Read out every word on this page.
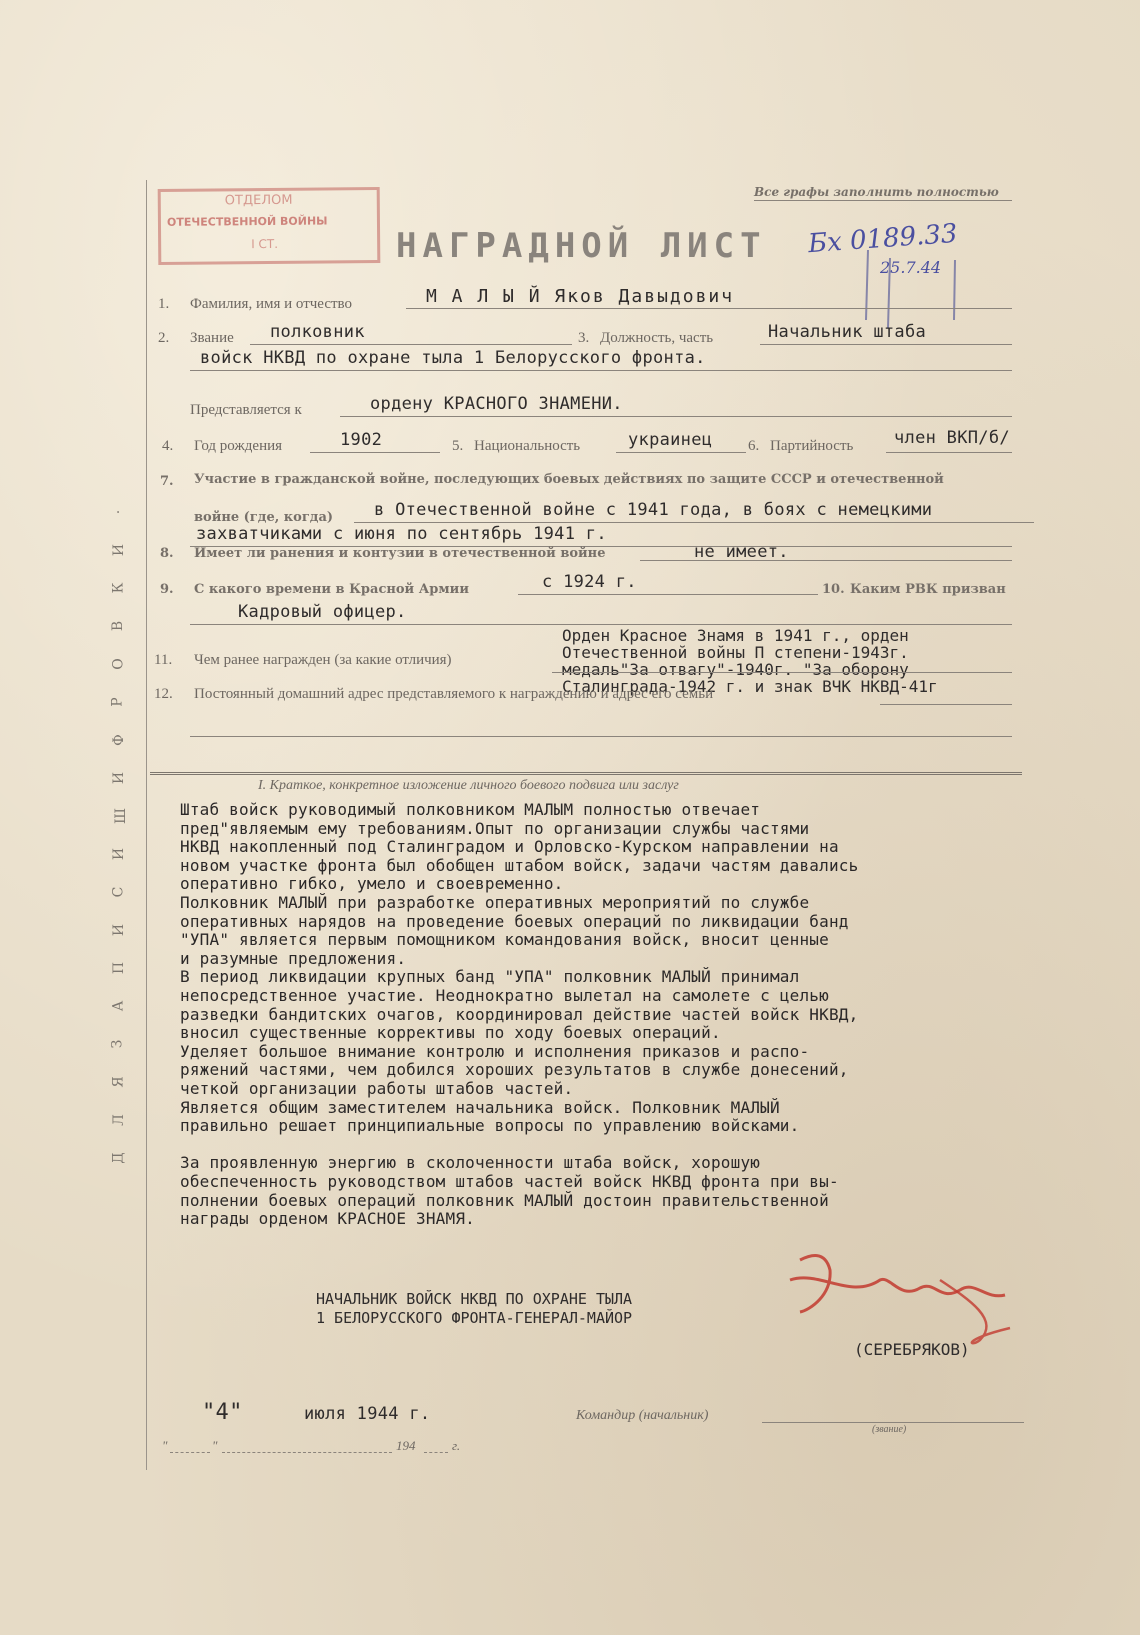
Д
Л
Я
З
А
П
И
С
И
Ш
И
Ф
Р
О
В
К
И
.
Все графы заполнить полностью
ОТДЕЛОМ
ОТЕЧЕСТВЕННОЙ ВОЙНЫ
І СТ.	НАГРАДНОЙ ЛИСТ Бх 0189.33
25.7.44
1. Фамилия, имя и отчество	М А Л Ы Й Яков Давыдович
2. Звание полковник	3. Должность, часть	Начальник штаба
войск НКВД по охране тыла 1 Белорусского фронта.
Представляется к	ордену КРАСНОГО ЗНАМЕНИ.
4. Год рождения	1902	5. Национальность	украинец 6. Партийность член ВКП/б/
7. Участие в гражданской войне, последующих боевых действиях по защите СССР и отечественной
войне (где, когда) в Отечественной войне с 1941 года, в боях с немецкими
захватчиками с июня по сентябрь 1941 г.
8. Имеет ли ранения и контузии в отечественной войне	не имеет.
9. С какого времени в Красной Армии	с 1924 г.	10. Каким РВК призван
Кадровый офицер.
11. Чем ранее награжден (за какие отличия)
Орден Красное Знамя в 1941 г., орден
Отечественной войны П степени-1943г.
медаль"За отвагу"-1940г. "За оборону
Сталинграда-1942 г. и знак ВЧК НКВД-41г
12. Постоянный домашний адрес представляемого к награждению и адрес его семьи
I. Краткое, конкретное изложение личного боевого подвига или заслуг
Штаб войск руководимый полковником МАЛЫМ полностью отвечает
пред"являемым ему требованиям.Опыт по организации службы частями
НКВД накопленный под Сталинградом и Орловско-Курском направлении на
новом участке фронта был обобщен штабом войск, задачи частям давались
оперативно гибко, умело и своевременно.
Полковник МАЛЫЙ при разработке оперативных мероприятий по службе
оперативных нарядов на проведение боевых операций по ликвидации банд
"УПА" является первым помощником командования войск, вносит ценные
и разумные предложения.
В период ликвидации крупных банд "УПА" полковник МАЛЫЙ принимал
непосредственное участие. Неоднократно вылетал на самолете с целью
разведки бандитских очагов, координировал действие частей войск НКВД,
вносил существенные коррективы по ходу боевых операций.
Уделяет большое внимание контролю и исполнения приказов и распо-
ряжений частями, чем добился хороших результатов в службе донесений,
четкой организации работы штабов частей.
Является общим заместителем начальника войск. Полковник МАЛЫЙ
правильно решает принципиальные вопросы по управлению войсками.
За проявленную энергию в сколоченности штаба войск, хорошую
обеспеченность руководством штабов частей войск НКВД фронта при вы-
полнении боевых операций полковник МАЛЫЙ достоин правительственной
награды орденом КРАСНОЕ ЗНАМЯ.
НАЧАЛЬНИК ВОЙСК НКВД ПО ОХРАНЕ ТЫЛА
1 БЕЛОРУССКОГО ФРОНТА-ГЕНЕРАЛ-МАЙОР
(СЕРЕБРЯКОВ)
"4"	июля 1944 г.	Командир (начальник)
(звание)
"	"	194	г.
